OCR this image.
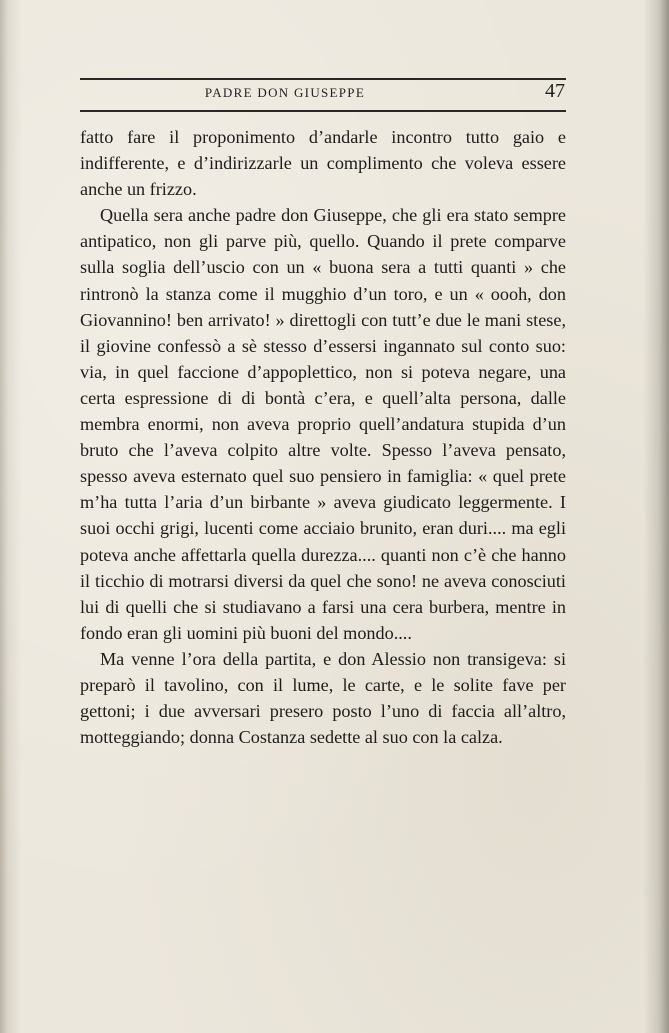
PADRE DON GIUSEPPE	47

fatto fare il proponimento d’andarle incontro tutto gaio e indifferente, e d’indirizzarle un complimento che voleva essere anche un frizzo.

Quella sera anche padre don Giuseppe, che gli era stato sempre antipatico, non gli parve più, quello. Quando il prete comparve sulla soglia dell’uscio con un « buona sera a tutti quanti » che rintronò la stanza come il mugghio d’un toro, e un « oooh, don Giovannino! ben arrivato! » direttogli con tutt’e due le mani stese, il giovine confessò a sè stesso d’essersi ingannato sul conto suo: via, in quel faccione d’appoplettico, non si poteva negare, una certa espressione di di bontà c’era, e quell’alta persona, dalle membra enormi, non aveva proprio quell’andatura stupida d’un bruto che l’aveva colpito altre volte. Spesso l’aveva pensato, spesso aveva esternato quel suo pensiero in famiglia: « quel prete m’ha tutta l’aria d’un birbante » aveva giudicato leggermente. I suoi occhi grigi, lucenti come acciaio brunito, eran duri.... ma egli poteva anche affettarla quella durezza.... quanti non c’è che hanno il ticchio di motrarsi diversi da quel che sono! ne aveva conosciuti lui di quelli che si studiavano a farsi una cera burbera, mentre in fondo eran gli uomini più buoni del mondo....

Ma venne l’ora della partita, e don Alessio non transigeva: si preparò il tavolino, con il lume, le carte, e le solite fave per gettoni; i due avversari presero posto l’uno di faccia all’altro, motteggiando; donna Costanza sedette al suo con la calza.
